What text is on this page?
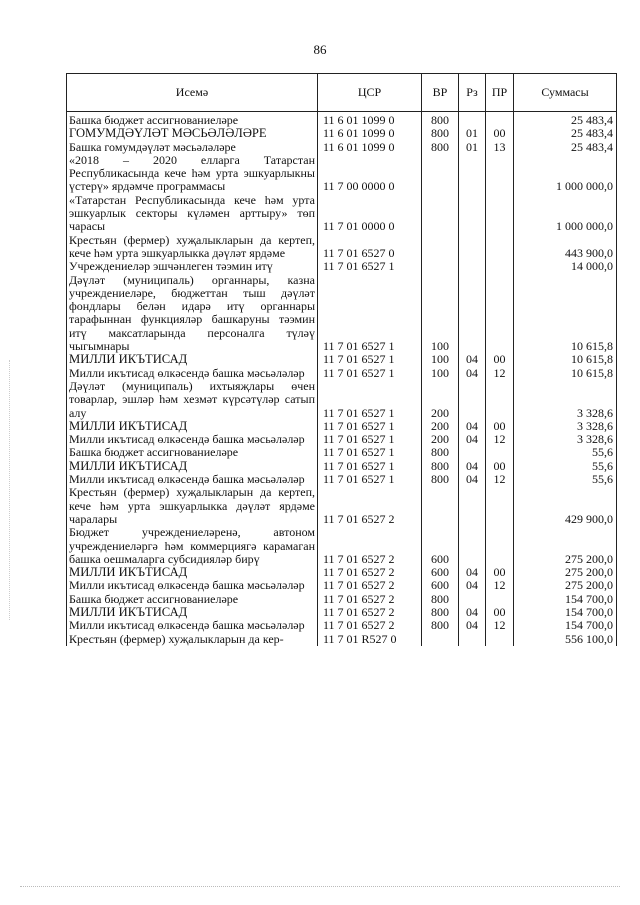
86
Исемә	ЦСР	ВР	Рз	ПР	Суммасы
Башка бюджет ассигнованиеләре	11 6 01 1099 0	800			25 483,4
ГОМУМДӘҮЛӘТ МӘСЬӘЛӘЛӘРЕ	11 6 01 1099 0	800	01	00	25 483,4
Башка гомумдәүләт мәсьәләләре	11 6 01 1099 0	800	01	13	25 483,4
«2018 – 2020 елларга Татарстан Республикасында кече һәм урта эшкуарлыкны үстерү» ярдәмче программасы	11 7 00 0000 0				1 000 000,0
«Татарстан Республикасында кече һәм урта эшкуарлык секторы күләмен арттыру» төп чарасы	11 7 01 0000 0				1 000 000,0
Крестьян (фермер) хуҗалыкларын да кертеп, кече һәм урта эшкуарлыкка дәүләт ярдәме	11 7 01 6527 0				443 900,0
Учреждениеләр эшчәнлеген тәэмин итү	11 7 01 6527 1				14 000,0
Дәүләт (муниципаль) органнары, казна учреждениеләре, бюджеттан тыш дәүләт фондлары белән идарә итү органнары тарафыннан функцияләр башкаруны тәэмин итү максатларында персоналга түләү чыгымнары	11 7 01 6527 1	100			10 615,8
МИЛЛИ ИКЪТИСАД	11 7 01 6527 1	100	04	00	10 615,8
Милли икътисад өлкәсендә башка мәсьәләләр	11 7 01 6527 1	100	04	12	10 615,8
Дәүләт (муниципаль) ихтыяҗлары өчен товарлар, эшләр һәм хезмәт күрсәтүләр сатып алу	11 7 01 6527 1	200			3 328,6
МИЛЛИ ИКЪТИСАД	11 7 01 6527 1	200	04	00	3 328,6
Милли икътисад өлкәсендә башка мәсьәләләр	11 7 01 6527 1	200	04	12	3 328,6
Башка бюджет ассигнованиеләре	11 7 01 6527 1	800			55,6
МИЛЛИ ИКЪТИСАД	11 7 01 6527 1	800	04	00	55,6
Милли икътисад өлкәсендә башка мәсьәләләр	11 7 01 6527 1	800	04	12	55,6
Крестьян (фермер) хуҗалыкларын да кертеп, кече һәм урта эшкуарлыкка дәүләт ярдәме чаралары	11 7 01 6527 2				429 900,0
Бюджет учреждениеләренә, автоном учреждениеләргә һәм коммерциягә карамаган башка оешмаларга субсидияләр бирү	11 7 01 6527 2	600			275 200,0
МИЛЛИ ИКЪТИСАД	11 7 01 6527 2	600	04	00	275 200,0
Милли икътисад өлкәсендә башка мәсьәләләр	11 7 01 6527 2	600	04	12	275 200,0
Башка бюджет ассигнованиеләре	11 7 01 6527 2	800			154 700,0
МИЛЛИ ИКЪТИСАД	11 7 01 6527 2	800	04	00	154 700,0
Милли икътисад өлкәсендә башка мәсьәләләр	11 7 01 6527 2	800	04	12	154 700,0
Крестьян (фермер) хуҗалыкларын да кер-	11 7 01 R527 0				556 100,0
